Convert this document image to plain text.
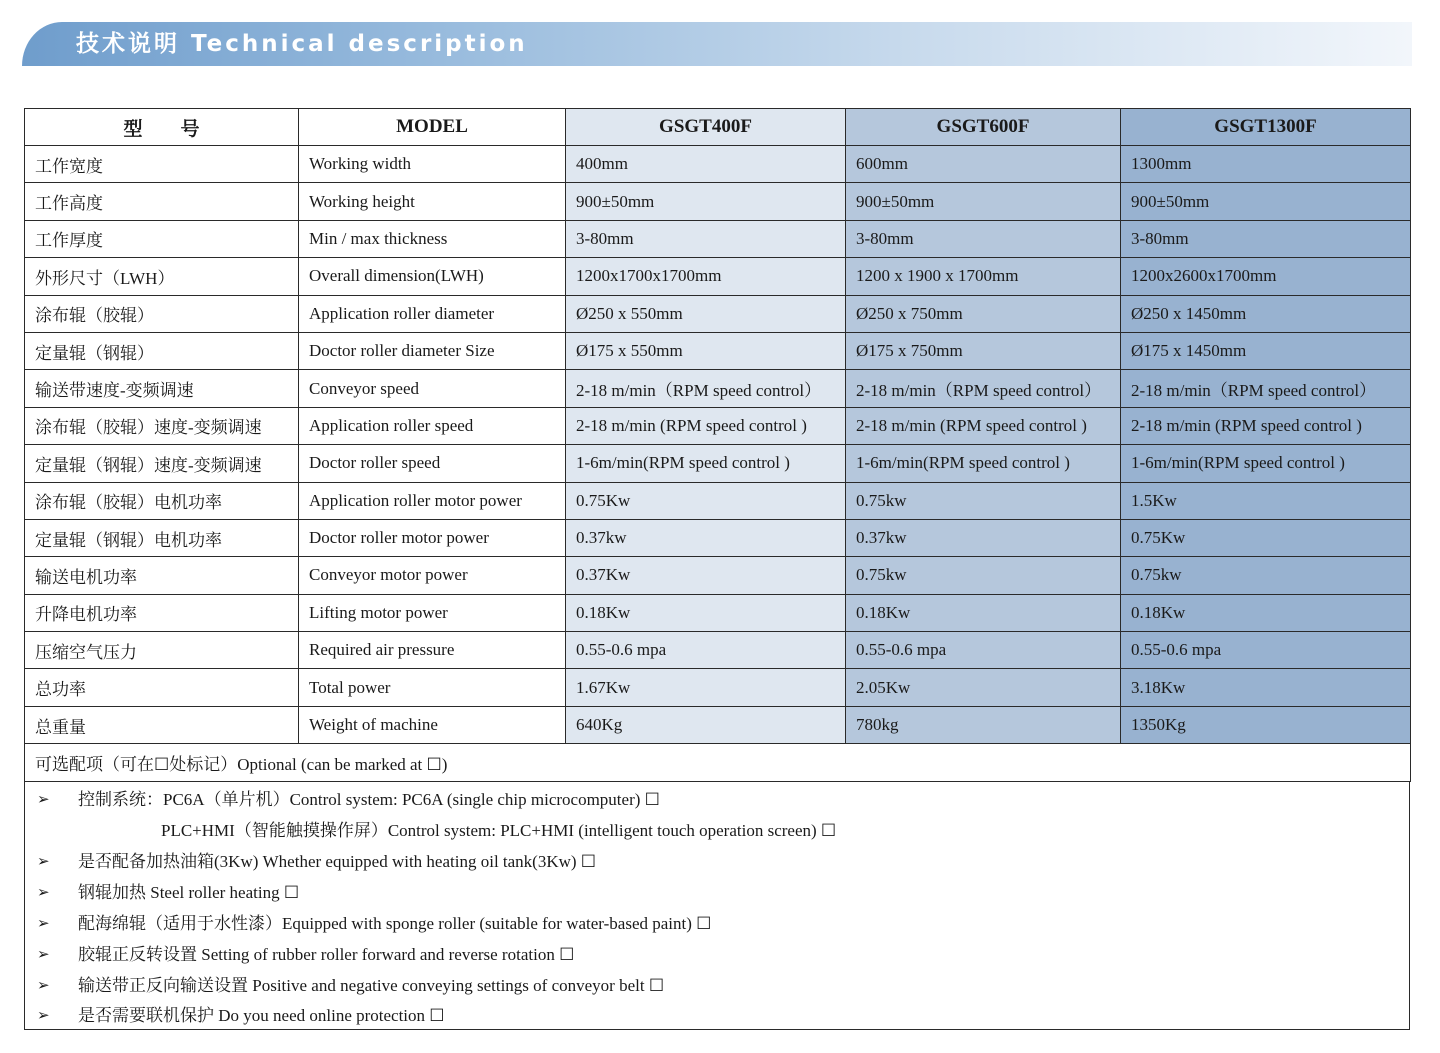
技术说明 Technical description
型　　号	MODEL	GSGT400F	GSGT600F	GSGT1300F
工作宽度	Working width	400mm	600mm	1300mm
工作高度	Working height	900±50mm	900±50mm	900±50mm
工作厚度	Min / max thickness	3-80mm	3-80mm	3-80mm
外形尺寸（LWH）	Overall dimension(LWH)	1200x1700x1700mm	1200 x 1900 x 1700mm	1200x2600x1700mm
涂布辊（胶辊）	Application roller diameter	Ø250 x 550mm	Ø250 x 750mm	Ø250 x 1450mm
定量辊（钢辊）	Doctor roller diameter Size	Ø175 x 550mm	Ø175 x 750mm	Ø175 x 1450mm
输送带速度-变频调速	Conveyor speed	2-18 m/min（RPM speed control）	2-18 m/min（RPM speed control）	2-18 m/min（RPM speed control）
涂布辊（胶辊）速度-变频调速	Application roller speed	2-18 m/min (RPM speed control )	2-18 m/min (RPM speed control )	2-18 m/min (RPM speed control )
定量辊（钢辊）速度-变频调速	Doctor roller speed	1-6m/min(RPM speed control )	1-6m/min(RPM speed control )	1-6m/min(RPM speed control )
涂布辊（胶辊）电机功率	Application roller motor power	0.75Kw	0.75kw	1.5Kw
定量辊（钢辊）电机功率	Doctor roller motor power	0.37kw	0.37kw	0.75Kw
输送电机功率	Conveyor motor power	0.37Kw	0.75kw	0.75kw
升降电机功率	Lifting motor power	0.18Kw	0.18Kw	0.18Kw
压缩空气压力	Required air pressure	0.55-0.6 mpa	0.55-0.6 mpa	0.55-0.6 mpa
总功率	Total power	1.67Kw	2.05Kw	3.18Kw
总重量	Weight of machine	640Kg	780kg	1350Kg
可选配项（可在☐处标记）Optional (can be marked at ☐)				
➢ 控制系统：PC6A（单片机）Control system: PC6A (single chip microcomputer) ☐
PLC+HMI（智能触摸操作屏）Control system: PLC+HMI (intelligent touch operation screen) ☐
➢ 是否配备加热油箱(3Kw) Whether equipped with heating oil tank(3Kw) ☐
➢ 钢辊加热 Steel roller heating ☐
➢ 配海绵辊（适用于水性漆）Equipped with sponge roller (suitable for water-based paint) ☐
➢ 胶辊正反转设置 Setting of rubber roller forward and reverse rotation ☐
➢ 输送带正反向输送设置 Positive and negative conveying settings of conveyor belt ☐
➢ 是否需要联机保护 Do you need online protection ☐
